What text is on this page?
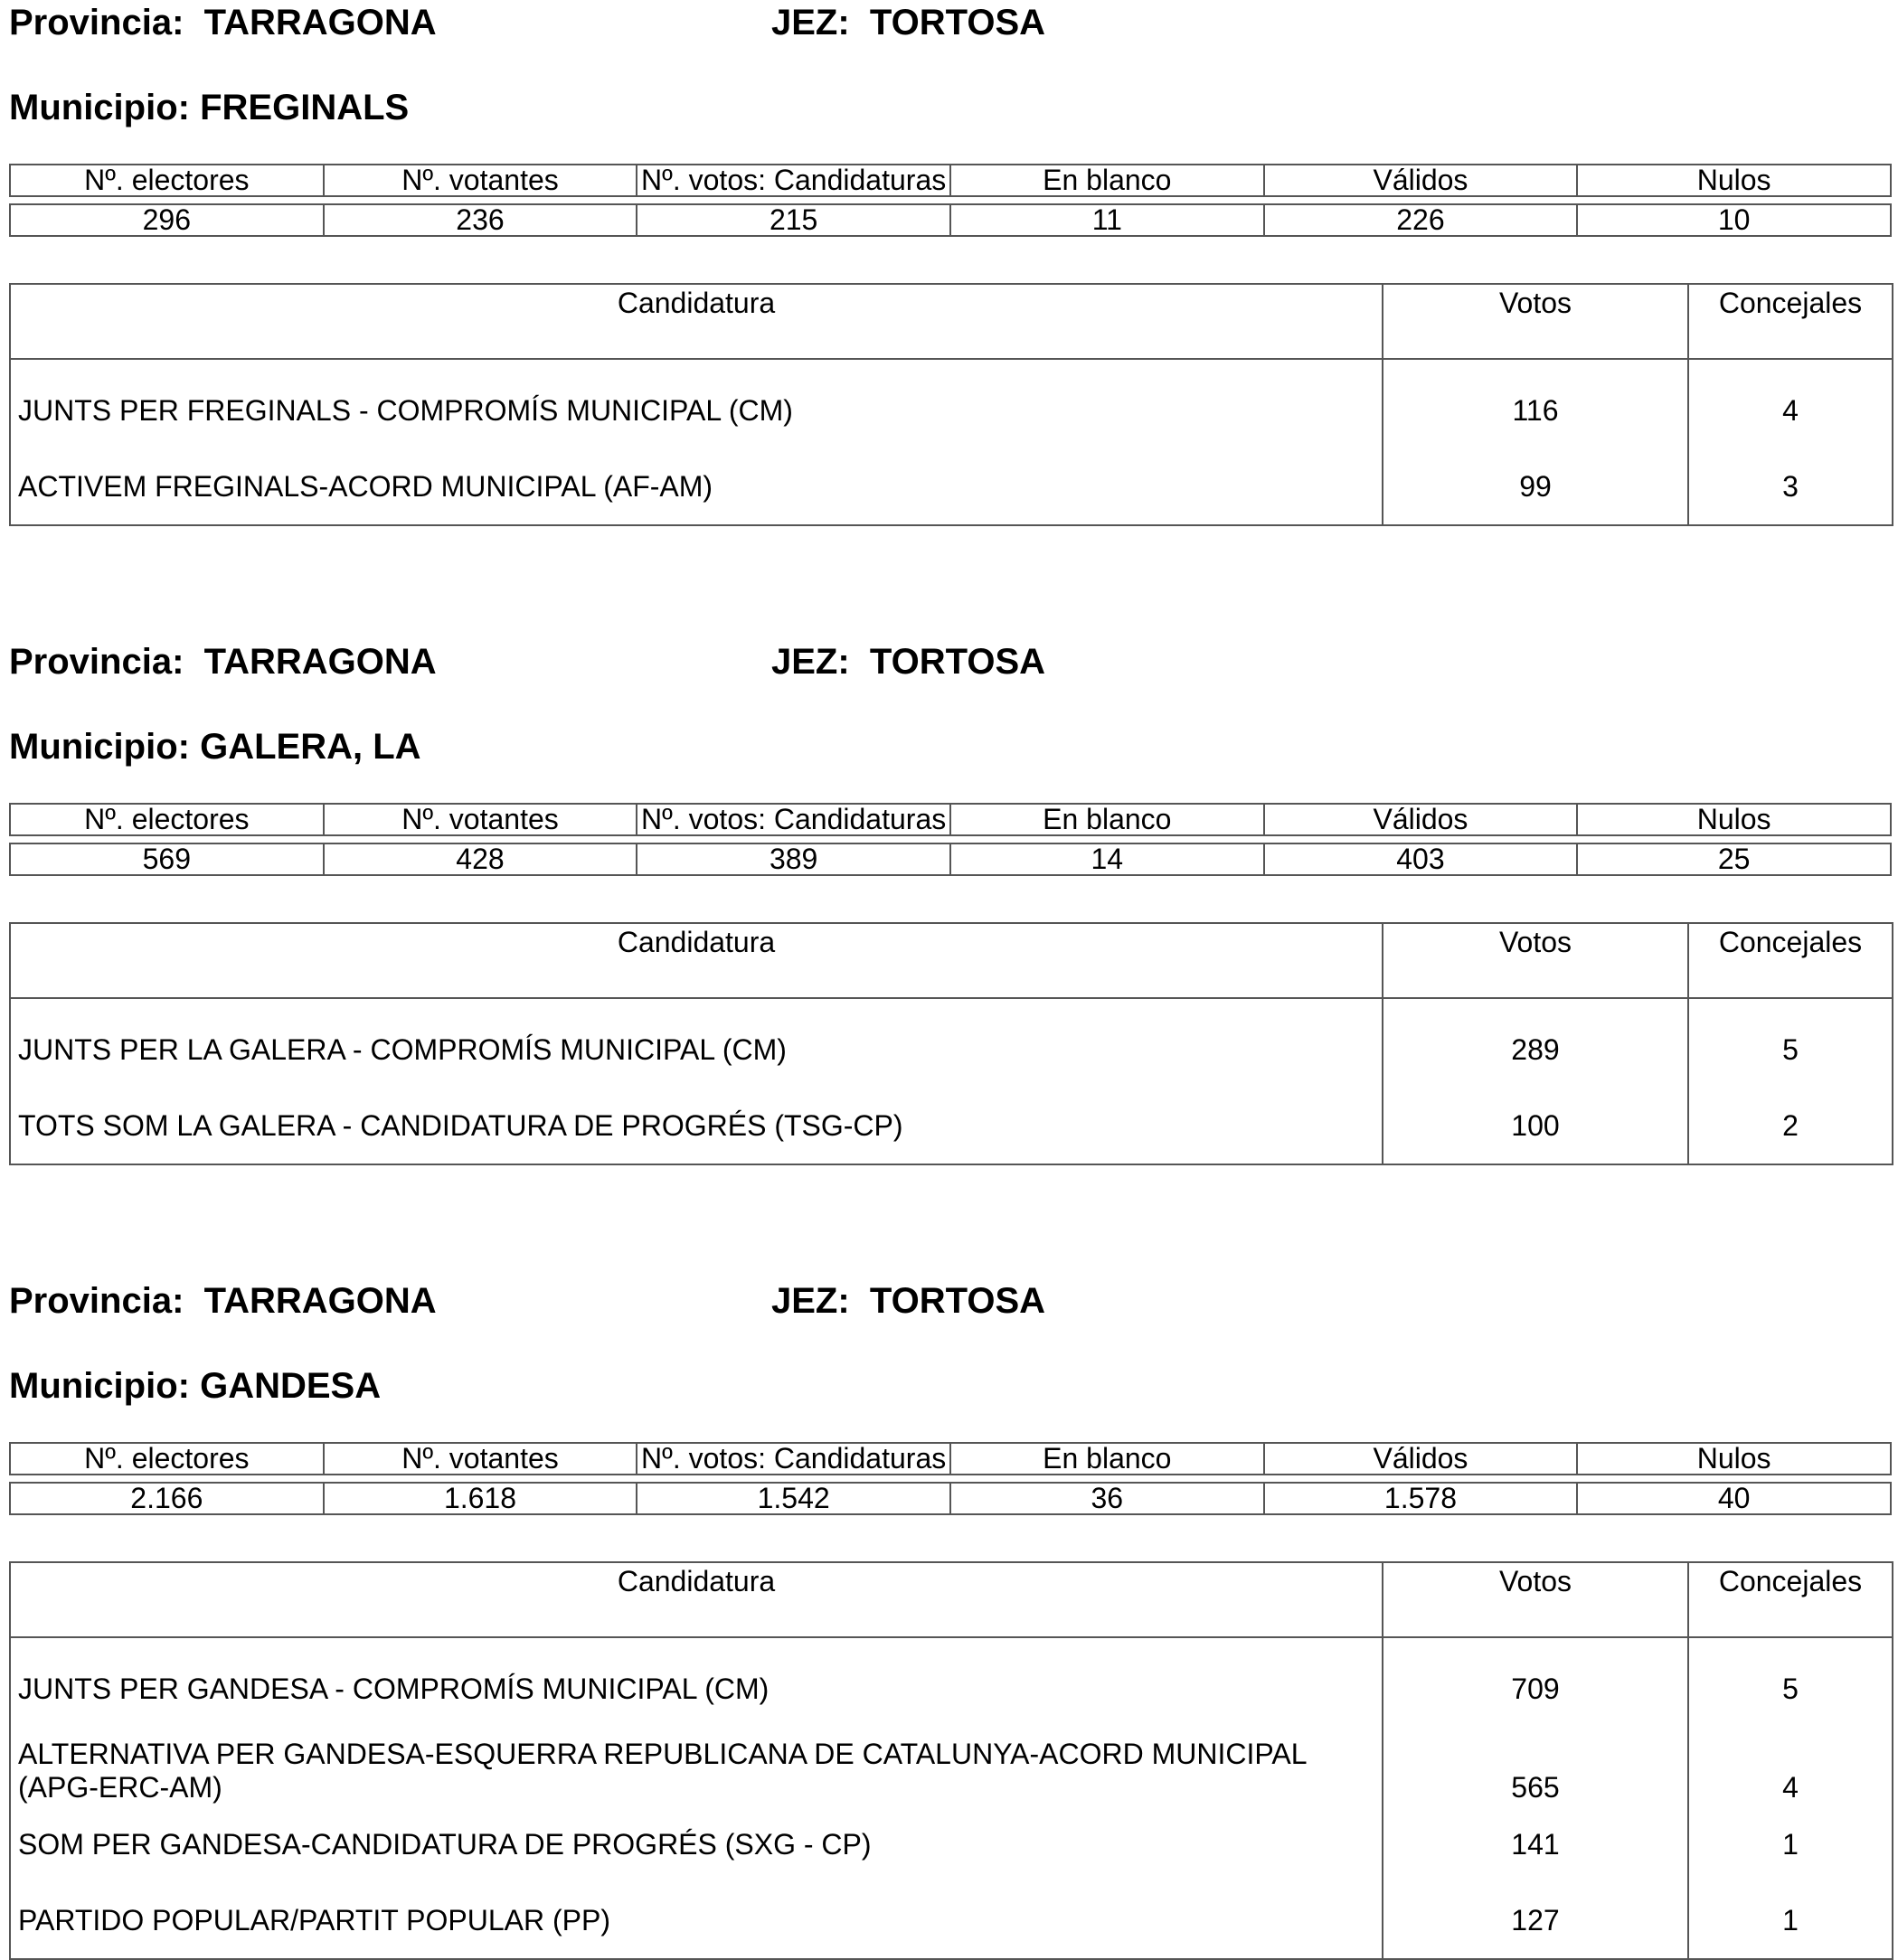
Provincia: TARRAGONA	JEZ: TORTOSA
Municipio: FREGINALS
Nº. electores	Nº. votantes	Nº. votos: Candidaturas	En blanco	Válidos	Nulos
296	236	215	11	226	10
Candidatura	Votos	Concejales
JUNTS PER FREGINALS - COMPROMÍS MUNICIPAL (CM)	116	4
ACTIVEM FREGINALS-ACORD MUNICIPAL (AF-AM)	99	3
Provincia: TARRAGONA	JEZ: TORTOSA
Municipio: GALERA, LA
Nº. electores	Nº. votantes	Nº. votos: Candidaturas	En blanco	Válidos	Nulos
569	428	389	14	403	25
Candidatura	Votos	Concejales
JUNTS PER LA GALERA - COMPROMÍS MUNICIPAL (CM)	289	5
TOTS SOM LA GALERA - CANDIDATURA DE PROGRÉS (TSG-CP)	100	2
Provincia: TARRAGONA	JEZ: TORTOSA
Municipio: GANDESA
Nº. electores	Nº. votantes	Nº. votos: Candidaturas	En blanco	Válidos	Nulos
2.166	1.618	1.542	36	1.578	40
Candidatura	Votos	Concejales
JUNTS PER GANDESA - COMPROMÍS MUNICIPAL (CM)	709	5
ALTERNATIVA PER GANDESA-ESQUERRA REPUBLICANA DE CATALUNYA-ACORD MUNICIPAL (APG-ERC-AM)	565	4
SOM PER GANDESA-CANDIDATURA DE PROGRÉS (SXG - CP)	141	1
PARTIDO POPULAR/PARTIT POPULAR (PP)	127	1
